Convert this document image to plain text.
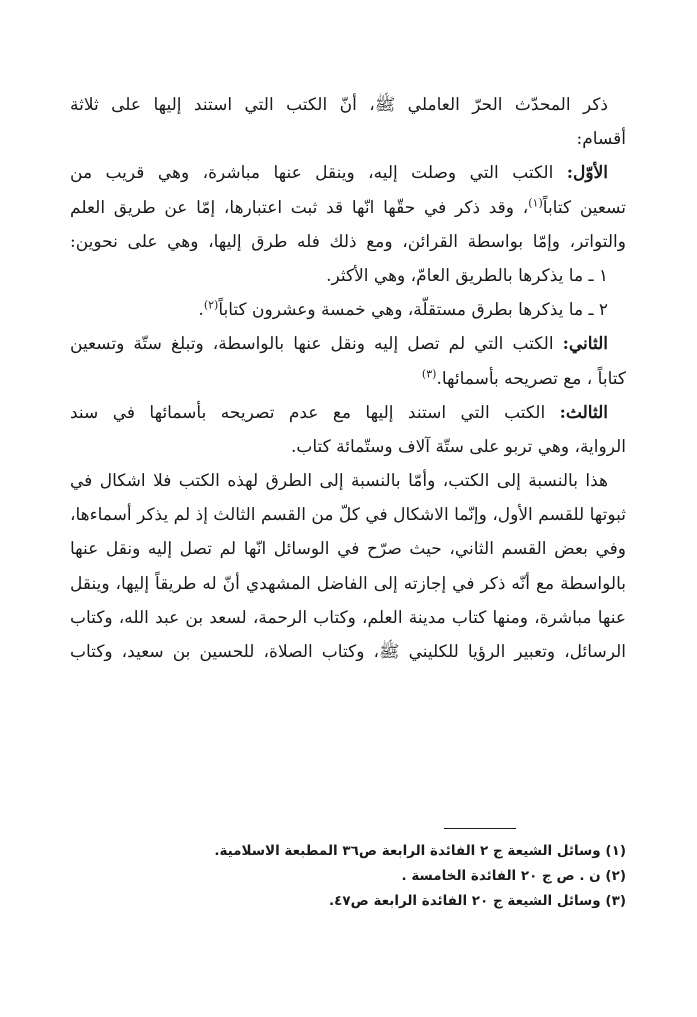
ذكر المحدّث الحرّ العاملي ﷺ، أنّ الكتب التي استند إليها على ثلاثة
أقسام:
الأوّل: الكتب التي وصلت إليه، وينقل عنها مباشرة، وهي قريب من
تسعين كتاباً$^{(١)}$، وقد ذكر في حقّها انّها قد ثبت اعتبارها، إمّا عن طريق العلم
والتواتر، وإمّا بواسطة القرائن، ومع ذلك فله طرق إليها، وهي على نحوين:
١ ـ ما يذكرها بالطريق العامّ، وهي الأكثر.
٢ ـ ما يذكرها بطرق مستقلّة، وهي خمسة وعشرون كتاباً$^{(٢)}$.
الثاني: الكتب التي لم تصل إليه ونقل عنها بالواسطة، وتبلغ ستّة وتسعين
كتاباً ، مع تصريحه بأسمائها.$^{(٣)}$
الثالث: الكتب التي استند إليها مع عدم تصريحه بأسمائها في سند
الرواية، وهي تربو على ستّة آلاف وستّمائة كتاب.
هذا بالنسبة إلى الكتب، وأمّا بالنسبة إلى الطرق لهذه الكتب فلا اشكال في
ثبوتها للقسم الأول، وإنّما الاشكال في كلّ من القسم الثالث إذ لم يذكر أسماءها،
وفي بعض القسم الثاني، حيث صرّح في الوسائل انّها لم تصل إليه ونقل عنها
بالواسطة مع أنّه ذكر في إجازته إلى الفاضل المشهدي أنّ له طريقاً إليها، وينقل
عنها مباشرة، ومنها كتاب مدينة العلم، وكتاب الرحمة، لسعد بن عبد الله، وكتاب
الرسائل، وتعبير الرؤيا للكليني ﷺ، وكتاب الصلاة، للحسين بن سعيد، وكتاب
(١) وسائل الشيعة ج ٢ الفائدة الرابعة ص٣٦ المطبعة الاسلامية.
(٢) ن . ص ج ٢٠ الفائدة الخامسة .
(٣) وسائل الشيعة ج ٢٠ الفائدة الرابعة ص٤٧.
